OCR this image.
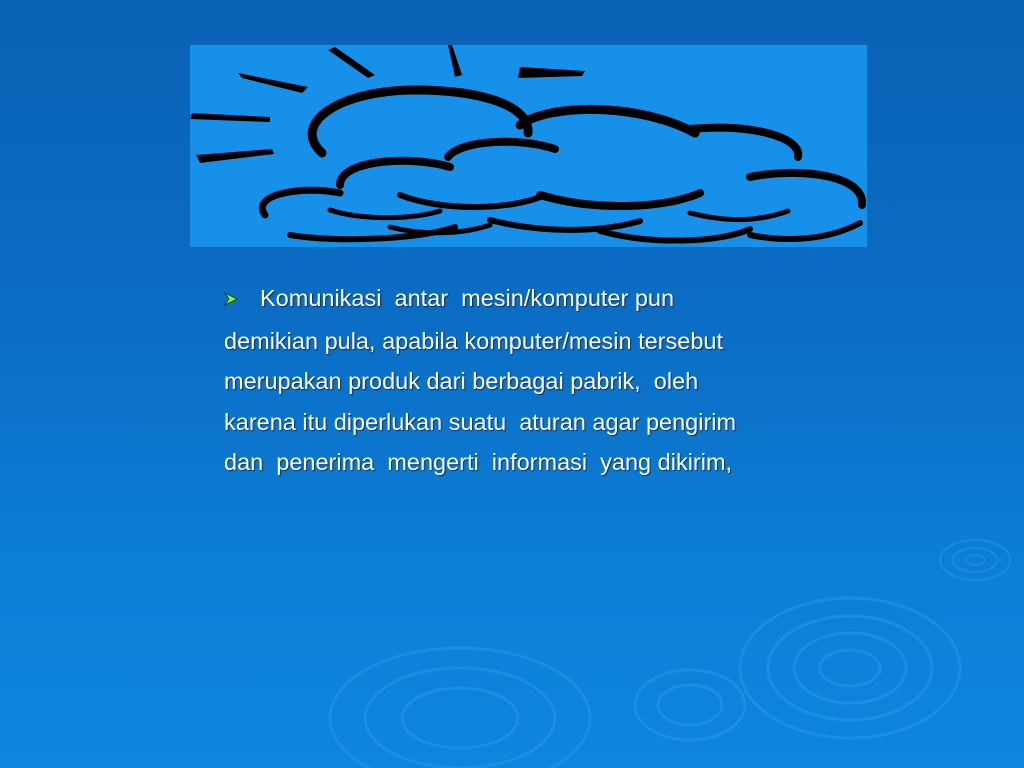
Komunikasi  antar  mesin/komputer pun
demikian pula, apabila komputer/mesin tersebut
merupakan produk dari berbagai pabrik,  oleh
karena itu diperlukan suatu  aturan agar pengirim
dan  penerima  mengerti  informasi  yang dikirim,
